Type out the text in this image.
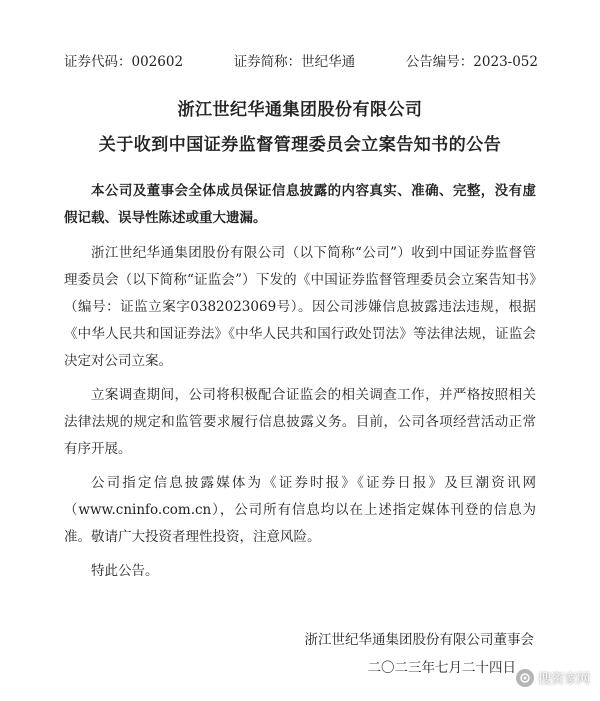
证券代码：002602	证券简称：世纪华通	公告编号：2023-052
浙江世纪华通集团股份有限公司
关于收到中国证券监督管理委员会立案告知书的公告

本公司及董事会全体成员保证信息披露的内容真实、准确、完整，没有虚假记载、误导性陈述或重大遗漏。

浙江世纪华通集团股份有限公司（以下简称“公司”）收到中国证券监督管理委员会（以下简称“证监会”）下发的《中国证券监督管理委员会立案告知书》（编号：证监立案字0382023069号）。因公司涉嫌信息披露违法违规，根据《中华人民共和国证券法》《中华人民共和国行政处罚法》等法律法规，证监会决定对公司立案。

立案调查期间，公司将积极配合证监会的相关调查工作，并严格按照相关法律法规的规定和监管要求履行信息披露义务。目前，公司各项经营活动正常有序开展。

公司指定信息披露媒体为《证券时报》《证券日报》及巨潮资讯网（www.cninfo.com.cn），公司所有信息均以在上述指定媒体刊登的信息为准。敬请广大投资者理性投资，注意风险。

特此公告。

浙江世纪华通集团股份有限公司董事会
二〇二三年七月二十四日
搜资家网
